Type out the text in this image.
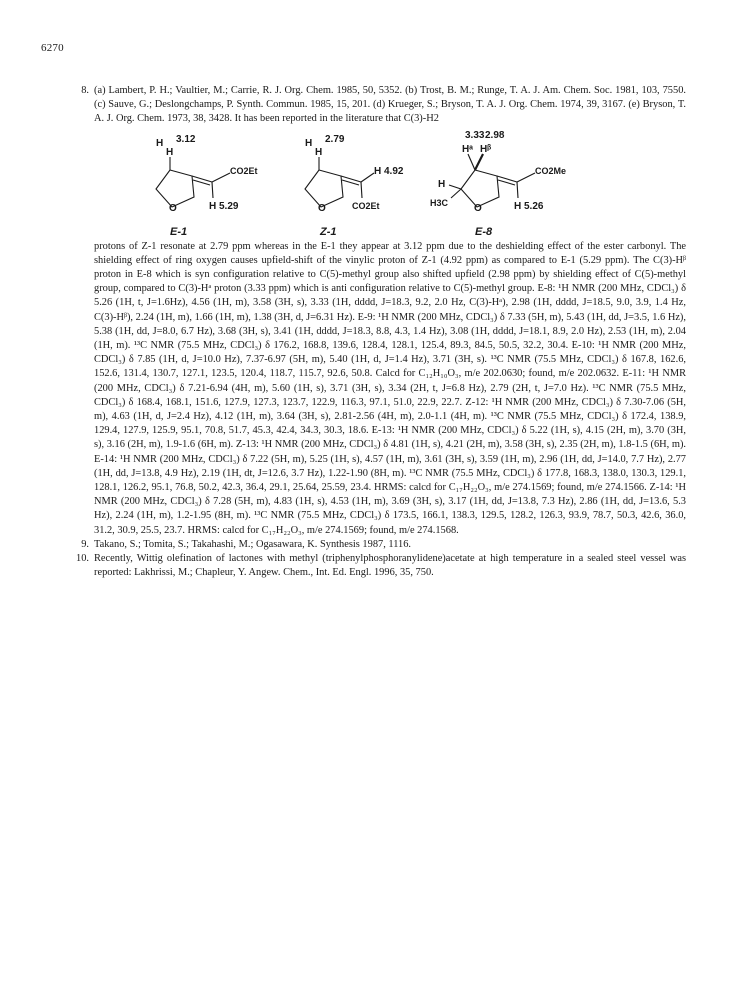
6270
8. (a) Lambert, P. H.; Vaultier, M.; Carrie, R. J. Org. Chem. 1985, 50, 5352. (b) Trost, B. M.; Runge, T. A. J. Am. Chem. Soc. 1981, 103, 7550. (c) Sauve, G.; Deslongchamps, P. Synth. Commun. 1985, 15, 201. (d) Krueger, S.; Bryson, T. A. J. Org. Chem. 1974, 39, 3167. (e) Bryson, T. A. J. Org. Chem. 1973, 38, 3428. It has been reported in the literature that C(3)-H2

H
3.12
H
O
CO2Et
H 5.29
E-1
H
2.79
H
O
H 4.92
CO2Et
Z-1
3.33 2.98
Hᵃ Hᵝ
H
H3C	O
CO2Me
H 5.26
E-8

protons of Z-1 resonate at 2.79 ppm whereas in the E-1 they appear at 3.12 ppm due to the deshielding effect of the ester carbonyl. The shielding effect of ring oxygen causes upfield-shift of the vinylic proton of Z-1 (4.92 ppm) as compared to E-1 (5.29 ppm). The C(3)-Hᵝ proton in E-8 which is syn configuration relative to C(5)-methyl group also shifted upfield (2.98 ppm) by shielding effect of C(5)-methyl group, compared to C(3)-Hᵃ proton (3.33 ppm) which is anti configuration relative to C(5)-methyl group. E-8: ¹H NMR (200 MHz, CDCl₃) δ 5.26 (1H, t, J=1.6Hz), 4.56 (1H, m), 3.58 (3H, s), 3.33 (1H, dddd, J=18.3, 9.2, 2.0 Hz, C(3)-Hᵃ), 2.98 (1H, dddd, J=18.5, 9.0, 3.9, 1.4 Hz, C(3)-Hᵝ), 2.24 (1H, m), 1.66 (1H, m), 1.38 (3H, d, J=6.31 Hz). E-9: ¹H NMR (200 MHz, CDCl₃) δ 7.33 (5H, m), 5.43 (1H, dd, J=3.5, 1.6 Hz), 5.38 (1H, dd, J=8.0, 6.7 Hz), 3.68 (3H, s), 3.41 (1H, dddd, J=18.3, 8.8, 4.3, 1.4 Hz), 3.08 (1H, dddd, J=18.1, 8.9, 2.0 Hz), 2.53 (1H, m), 2.04 (1H, m). ¹³C NMR (75.5 MHz, CDCl₃) δ 176.2, 168.8, 139.6, 128.4, 128.1, 125.4, 89.3, 84.5, 50.5, 32.2, 30.4. E-10: ¹H NMR (200 MHz, CDCl₃) δ 7.85 (1H, d, J=10.0 Hz), 7.37-6.97 (5H, m), 5.40 (1H, d, J=1.4 Hz), 3.71 (3H, s). ¹³C NMR (75.5 MHz, CDCl₃) δ 167.8, 162.6, 152.6, 131.4, 130.7, 127.1, 123.5, 120.4, 118.7, 115.7, 92.6, 50.8. Calcd for C₁₂H₁₀O₃, m/e 202.0630; found, m/e 202.0632. E-11: ¹H NMR (200 MHz, CDCl₃) δ 7.21-6.94 (4H, m), 5.60 (1H, s), 3.71 (3H, s), 3.34 (2H, t, J=6.8 Hz), 2.79 (2H, t, J=7.0 Hz). ¹³C NMR (75.5 MHz, CDCl₃) δ 168.4, 168.1, 151.6, 127.9, 127.3, 123.7, 122.9, 116.3, 97.1, 51.0, 22.9, 22.7. Z-12: ¹H NMR (200 MHz, CDCl₃) δ 7.30-7.06 (5H, m), 4.63 (1H, d, J=2.4 Hz), 4.12 (1H, m), 3.64 (3H, s), 2.81-2.56 (4H, m), 2.0-1.1 (4H, m). ¹³C NMR (75.5 MHz, CDCl₃) δ 172.4, 138.9, 129.4, 127.9, 125.9, 95.1, 70.8, 51.7, 45.3, 42.4, 34.3, 30.3, 18.6. E-13: ¹H NMR (200 MHz, CDCl₃) δ 5.22 (1H, s), 4.15 (2H, m), 3.70 (3H, s), 3.16 (2H, m), 1.9-1.6 (6H, m). Z-13: ¹H NMR (200 MHz, CDCl₃) δ 4.81 (1H, s), 4.21 (2H, m), 3.58 (3H, s), 2.35 (2H, m), 1.8-1.5 (6H, m). E-14: ¹H NMR (200 MHz, CDCl₃) δ 7.22 (5H, m), 5.25 (1H, s), 4.57 (1H, m), 3.61 (3H, s), 3.59 (1H, m), 2.96 (1H, dd, J=14.0, 7.7 Hz), 2.77 (1H, dd, J=13.8, 4.9 Hz), 2.19 (1H, dt, J=12.6, 3.7 Hz), 1.22-1.90 (8H, m). ¹³C NMR (75.5 MHz, CDCl₃) δ 177.8, 168.3, 138.0, 130.3, 129.1, 128.1, 126.2, 95.1, 76.8, 50.2, 42.3, 36.4, 29.1, 25.64, 25.59, 23.4. HRMS: calcd for C₁₇H₂₂O₃, m/e 274.1569; found, m/e 274.1566. Z-14: ¹H NMR (200 MHz, CDCl₃) δ 7.28 (5H, m), 4.83 (1H, s), 4.53 (1H, m), 3.69 (3H, s), 3.17 (1H, dd, J=13.8, 7.3 Hz), 2.86 (1H, dd, J=13.6, 5.3 Hz), 2.24 (1H, m), 1.2-1.95 (8H, m). ¹³C NMR (75.5 MHz, CDCl₃) δ 173.5, 166.1, 138.3, 129.5, 128.2, 126.3, 93.9, 78.7, 50.3, 42.6, 36.0, 31.2, 30.9, 25.5, 23.7. HRMS: calcd for C₁₇H₂₂O₃, m/e 274.1569; found, m/e 274.1568.

9. Takano, S.; Tomita, S.; Takahashi, M.; Ogasawara, K. Synthesis 1987, 1116.
10. Recently, Wittig olefination of lactones with methyl (triphenylphosphoranylidene)acetate at high temperature in a sealed steel vessel was reported: Lakhrissi, M.; Chapleur, Y. Angew. Chem., Int. Ed. Engl. 1996, 35, 750.
